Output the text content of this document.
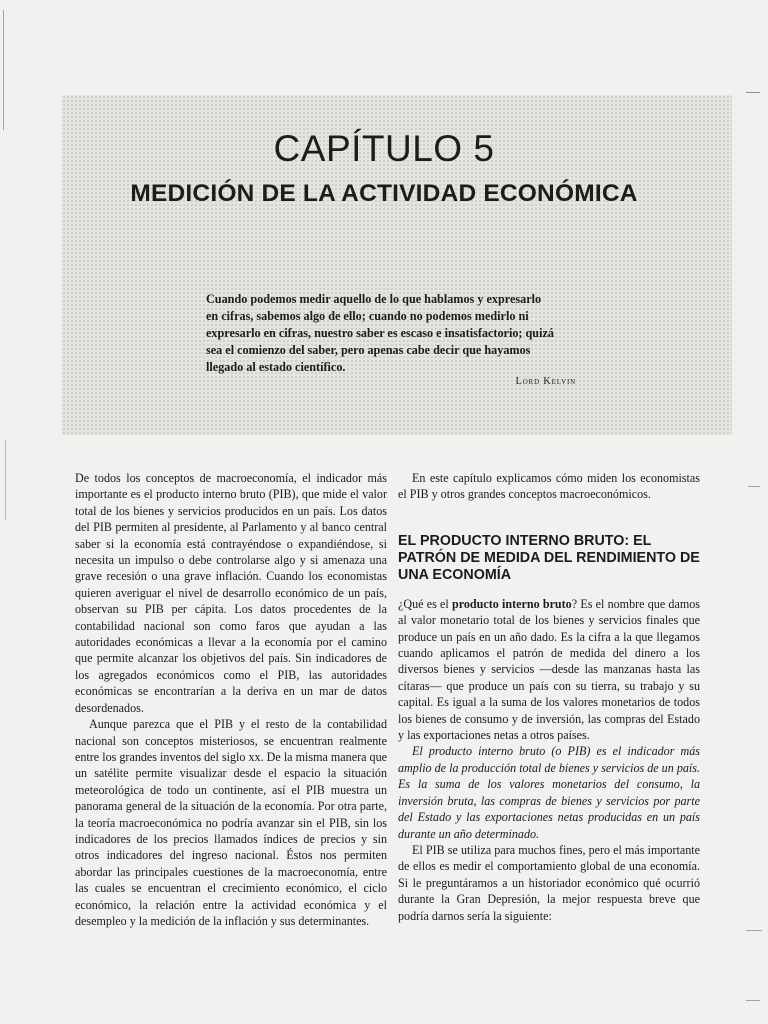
CAPÍTULO 5
MEDICIÓN DE LA ACTIVIDAD ECONÓMICA

Cuando podemos medir aquello de lo que hablamos y expresarlo en cifras, sabemos algo de ello; cuando no podemos medirlo ni expresarlo en cifras, nuestro saber es escaso e insatisfactorio; quizá sea el comienzo del saber, pero apenas cabe decir que hayamos llegado al estado científico.

Lord Kelvin

De todos los conceptos de macroeconomía, el indicador más importante es el producto interno bruto (PIB), que mide el valor total de los bienes y servicios producidos en un país. Los datos del PIB permiten al presidente, al Parlamento y al banco central saber si la economía está contrayéndose o expandiéndose, si necesita un impulso o debe controlarse algo y si amenaza una grave recesión o una grave inflación. Cuando los economistas quieren averiguar el nivel de desarrollo económico de un país, observan su PIB per cápita. Los datos procedentes de la contabilidad nacional son como faros que ayudan a las autoridades económicas a llevar a la economía por el camino que permite alcanzar los objetivos del país. Sin indicadores de los agregados económicos como el PIB, las autoridades económicas se encontrarían a la deriva en un mar de datos desordenados.

Aunque parezca que el PIB y el resto de la contabilidad nacional son conceptos misteriosos, se encuentran realmente entre los grandes inventos del siglo xx. De la misma manera que un satélite permite visualizar desde el espacio la situación meteorológica de todo un continente, así el PIB muestra un panorama general de la situación de la economía. Por otra parte, la teoría macroeconómica no podría avanzar sin el PIB, sin los indicadores de los precios llamados índices de precios y sin otros indicadores del ingreso nacional. Éstos nos permiten abordar las principales cuestiones de la macroeconomía, entre las cuales se encuentran el crecimiento económico, el ciclo económico, la relación entre la actividad económica y el desempleo y la medición de la inflación y sus determinantes.

En este capítulo explicamos cómo miden los economistas el PIB y otros grandes conceptos macroeconómicos.

EL PRODUCTO INTERNO BRUTO: EL PATRÓN DE MEDIDA DEL RENDIMIENTO DE UNA ECONOMÍA

¿Qué es el producto interno bruto? Es el nombre que damos al valor monetario total de los bienes y servicios finales que produce un país en un año dado. Es la cifra a la que llegamos cuando aplicamos el patrón de medida del dinero a los diversos bienes y servicios —desde las manzanas hasta las cítaras— que produce un país con su tierra, su trabajo y su capital. Es igual a la suma de los valores monetarios de todos los bienes de consumo y de inversión, las compras del Estado y las exportaciones netas a otros países.

El producto interno bruto (o PIB) es el indicador más amplio de la producción total de bienes y servicios de un país. Es la suma de los valores monetarios del consumo, la inversión bruta, las compras de bienes y servicios por parte del Estado y las exportaciones netas producidas en un país durante un año determinado.

El PIB se utiliza para muchos fines, pero el más importante de ellos es medir el comportamiento global de una economía. Si le preguntáramos a un historiador económico qué ocurrió durante la Gran Depresión, la mejor respuesta breve que podría darnos sería la siguiente:
